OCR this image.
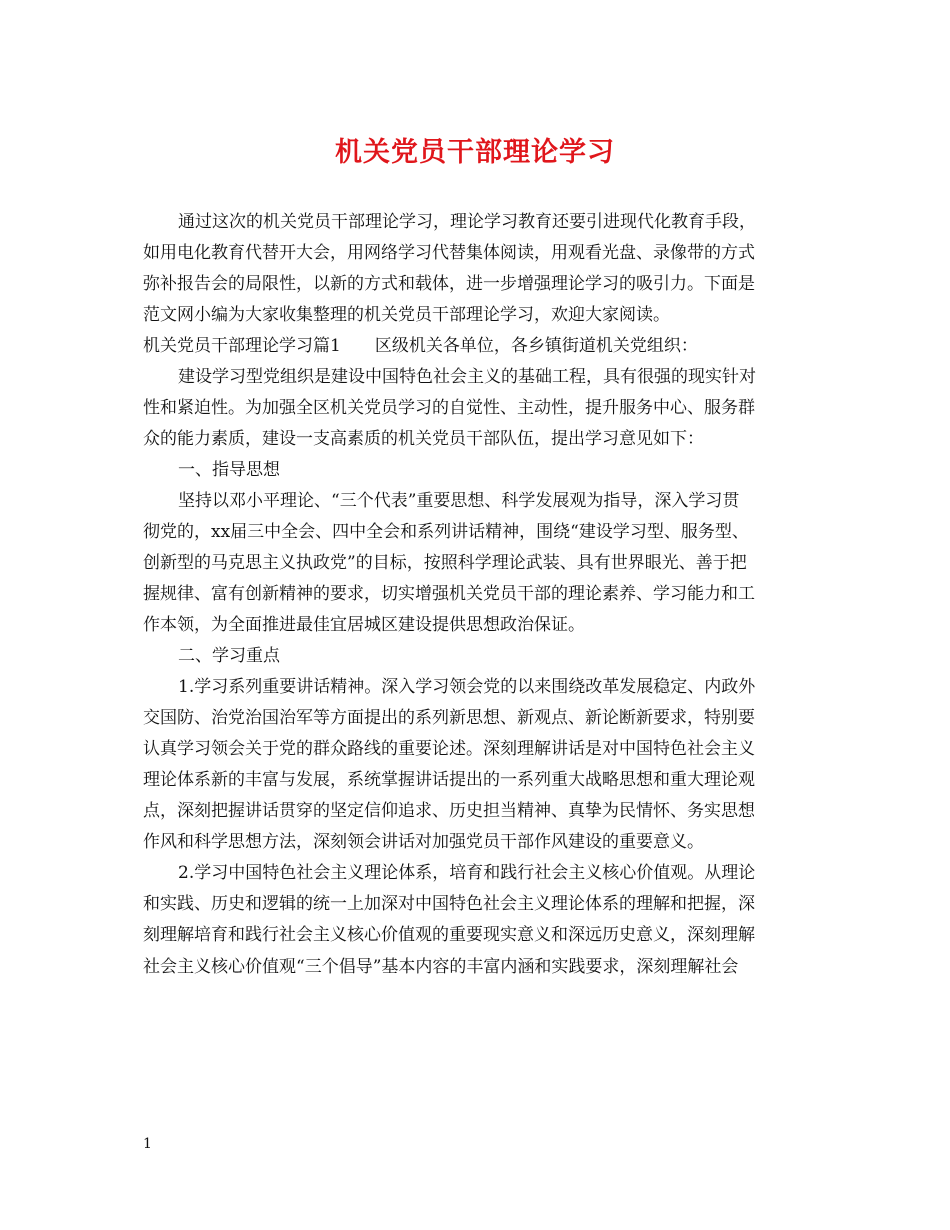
机关党员干部理论学习
通过这次的机关党员干部理论学习，理论学习教育还要引进现代化教育手段，
如用电化教育代替开大会，用网络学习代替集体阅读，用观看光盘、录像带的方式
弥补报告会的局限性，以新的方式和载体，进一步增强理论学习的吸引力。下面是
范文网小编为大家收集整理的机关党员干部理论学习，欢迎大家阅读。
机关党员干部理论学习篇1 区级机关各单位，各乡镇街道机关党组织：
建设学习型党组织是建设中国特色社会主义的基础工程，具有很强的现实针对
性和紧迫性。为加强全区机关党员学习的自觉性、主动性，提升服务中心、服务群
众的能力素质，建设一支高素质的机关党员干部队伍，提出学习意见如下：
一、指导思想
坚持以邓小平理论、“三个代表”重要思想、科学发展观为指导，深入学习贯
彻党的，xx届三中全会、四中全会和系列讲话精神，围绕“建设学习型、服务型、
创新型的马克思主义执政党”的目标，按照科学理论武装、具有世界眼光、善于把
握规律、富有创新精神的要求，切实增强机关党员干部的理论素养、学习能力和工
作本领，为全面推进最佳宜居城区建设提供思想政治保证。
二、学习重点
1.学习系列重要讲话精神。深入学习领会党的以来围绕改革发展稳定、内政外
交国防、治党治国治军等方面提出的系列新思想、新观点、新论断新要求，特别要
认真学习领会关于党的群众路线的重要论述。深刻理解讲话是对中国特色社会主义
理论体系新的丰富与发展，系统掌握讲话提出的一系列重大战略思想和重大理论观
点，深刻把握讲话贯穿的坚定信仰追求、历史担当精神、真挚为民情怀、务实思想
作风和科学思想方法，深刻领会讲话对加强党员干部作风建设的重要意义。
2.学习中国特色社会主义理论体系，培育和践行社会主义核心价值观。从理论
和实践、历史和逻辑的统一上加深对中国特色社会主义理论体系的理解和把握，深
刻理解培育和践行社会主义核心价值观的重要现实意义和深远历史意义，深刻理解
社会主义核心价值观“三个倡导”基本内容的丰富内涵和实践要求，深刻理解社会
1
